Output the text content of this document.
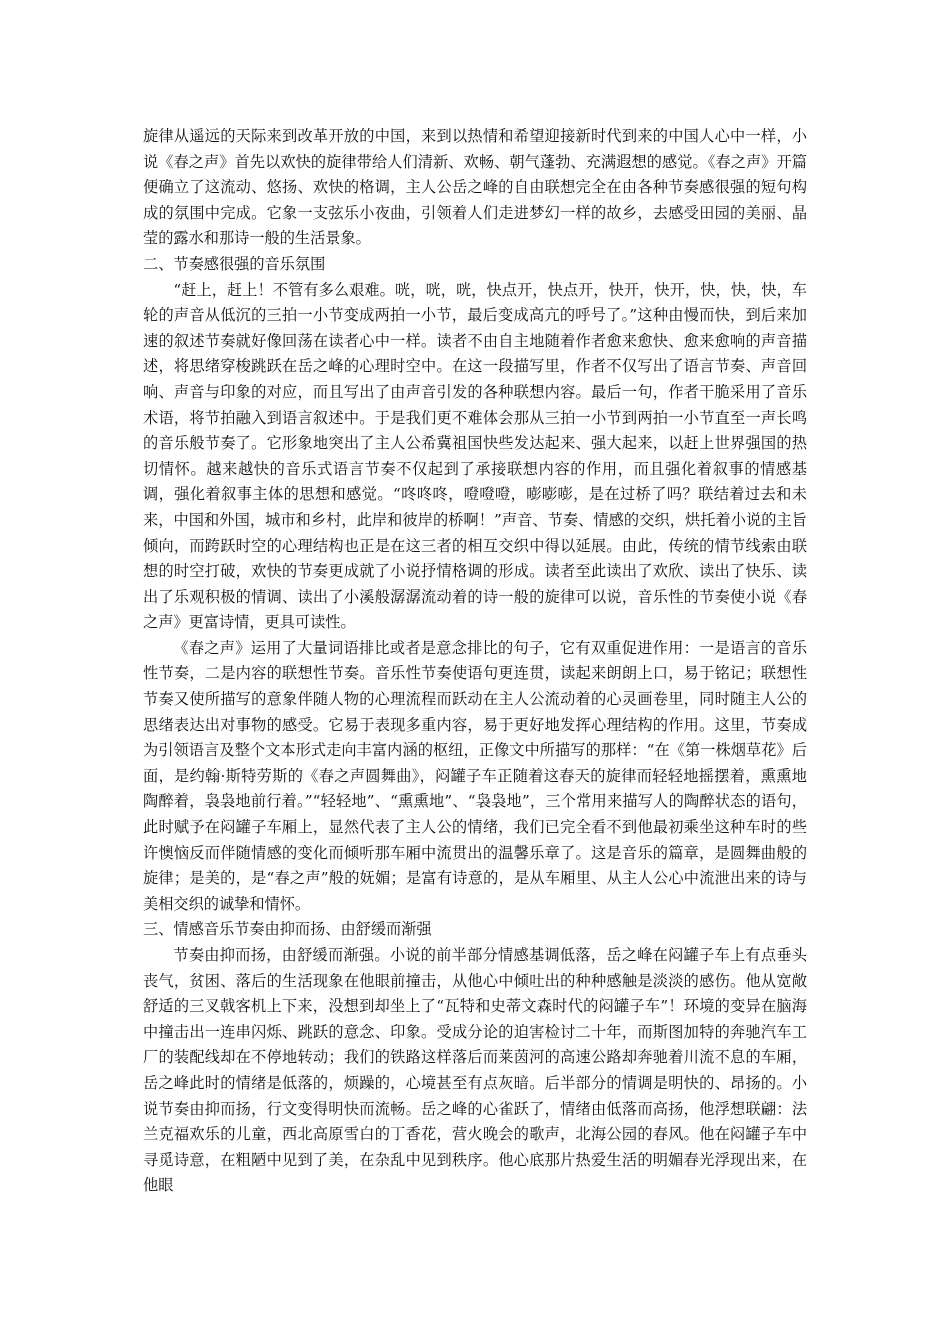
旋律从遥远的天际来到改革开放的中国，来到以热情和希望迎接新时代到来的中国人心中一样，小说《春之声》首先以欢快的旋律带给人们清新、欢畅、朝气蓬勃、充满遐想的感觉。《春之声》开篇便确立了这流动、悠扬、欢快的格调，主人公岳之峰的自由联想完全在由各种节奏感很强的短句构成的氛围中完成。它象一支弦乐小夜曲，引领着人们走进梦幻一样的故乡，去感受田园的美丽、晶莹的露水和那诗一般的生活景象。

二、节奏感很强的音乐氛围

“赶上，赶上！不管有多么艰难。咣，咣，咣，快点开，快点开，快开，快开，快，快，快，车轮的声音从低沉的三拍一小节变成两拍一小节，最后变成高亢的呼号了。”这种由慢而快，到后来加速的叙述节奏就好像回荡在读者心中一样。读者不由自主地随着作者愈来愈快、愈来愈响的声音描述，将思绪穿梭跳跃在岳之峰的心理时空中。在这一段描写里，作者不仅写出了语言节奏、声音回响、声音与印象的对应，而且写出了由声音引发的各种联想内容。最后一句，作者干脆采用了音乐术语，将节拍融入到语言叙述中。于是我们更不难体会那从三拍一小节到两拍一小节直至一声长鸣的音乐般节奏了。它形象地突出了主人公希冀祖国快些发达起来、强大起来，以赶上世界强国的热切情怀。越来越快的音乐式语言节奏不仅起到了承接联想内容的作用，而且强化着叙事的情感基调，强化着叙事主体的思想和感觉。“咚咚咚，噔噔噔，嘭嘭嘭，是在过桥了吗？联结着过去和未来，中国和外国，城市和乡村，此岸和彼岸的桥啊！”声音、节奏、情感的交织，烘托着小说的主旨倾向，而跨跃时空的心理结构也正是在这三者的相互交织中得以延展。由此，传统的情节线索由联想的时空打破，欢快的节奏更成就了小说抒情格调的形成。读者至此读出了欢欣、读出了快乐、读出了乐观积极的情调、读出了小溪般潺潺流动着的诗一般的旋律可以说，音乐性的节奏使小说《春之声》更富诗情，更具可读性。

《春之声》运用了大量词语排比或者是意念排比的句子，它有双重促进作用：一是语言的音乐性节奏，二是内容的联想性节奏。音乐性节奏使语句更连贯，读起来朗朗上口，易于铭记；联想性节奏又使所描写的意象伴随人物的心理流程而跃动在主人公流动着的心灵画卷里，同时随主人公的思绪表达出对事物的感受。它易于表现多重内容，易于更好地发挥心理结构的作用。这里，节奏成为引领语言及整个文本形式走向丰富内涵的枢纽，正像文中所描写的那样：“在《第一株烟草花》后面，是约翰·斯特劳斯的《春之声圆舞曲》，闷罐子车正随着这春天的旋律而轻轻地摇摆着，熏熏地陶醉着，袅袅地前行着。”“轻轻地”、“熏熏地”、“袅袅地”，三个常用来描写人的陶醉状态的语句，此时赋予在闷罐子车厢上，显然代表了主人公的情绪，我们已完全看不到他最初乘坐这种车时的些许懊恼反而伴随情感的变化而倾听那车厢中流贯出的温馨乐章了。这是音乐的篇章，是圆舞曲般的旋律；是美的，是“春之声”般的妩媚；是富有诗意的，是从车厢里、从主人公心中流泄出来的诗与美相交织的诚挚和情怀。

三、情感音乐节奏由抑而扬、由舒缓而渐强

节奏由抑而扬，由舒缓而渐强。小说的前半部分情感基调低落，岳之峰在闷罐子车上有点垂头丧气，贫困、落后的生活现象在他眼前撞击，从他心中倾吐出的种种感触是淡淡的感伤。他从宽敞舒适的三叉戟客机上下来，没想到却坐上了“瓦特和史蒂文森时代的闷罐子车”！环境的变异在脑海中撞击出一连串闪烁、跳跃的意念、印象。受成分论的迫害检讨二十年，而斯图加特的奔驰汽车工厂的装配线却在不停地转动；我们的铁路这样落后而莱茵河的高速公路却奔驰着川流不息的车厢，岳之峰此时的情绪是低落的，烦躁的，心境甚至有点灰暗。后半部分的情调是明快的、昂扬的。小说节奏由抑而扬，行文变得明快而流畅。岳之峰的心雀跃了，情绪由低落而高扬，他浮想联翩：法兰克福欢乐的儿童，西北高原雪白的丁香花，营火晚会的歌声，北海公园的春风。他在闷罐子车中寻觅诗意，在粗陋中见到了美，在杂乱中见到秩序。他心底那片热爱生活的明媚春光浮现出来，在他眼
